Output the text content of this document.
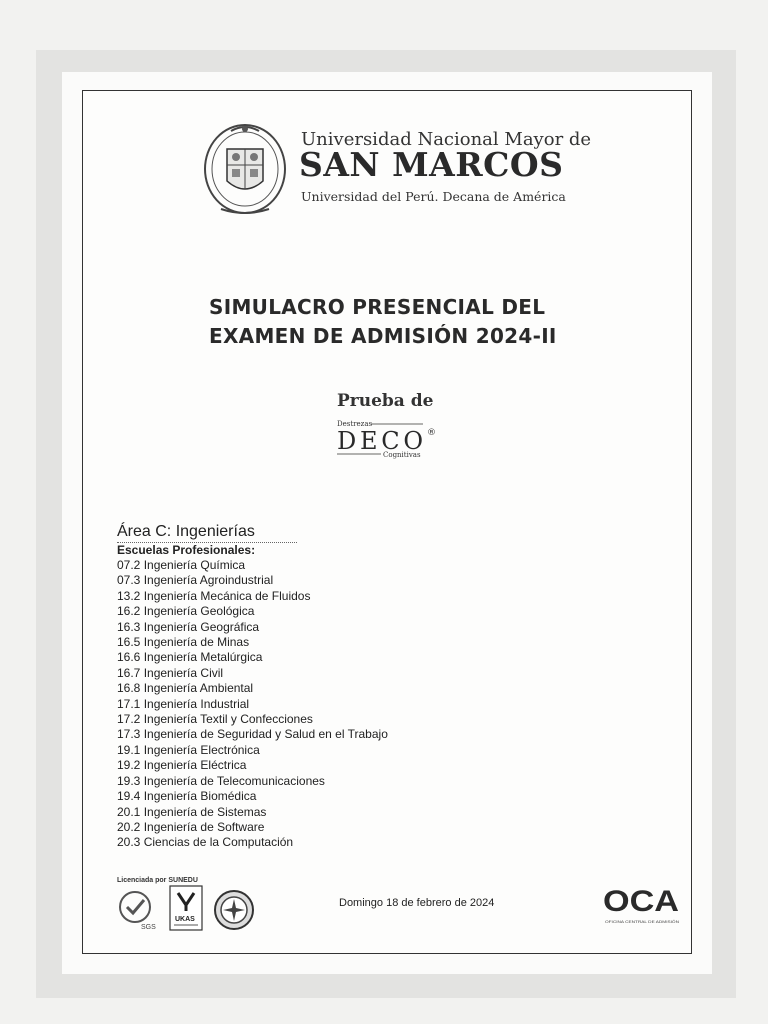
Universidad Nacional Mayor de
SAN MARCOS
Universidad del Perú. Decana de América
SIMULACRO PRESENCIAL DEL
EXAMEN DE ADMISIÓN 2024-II
Prueba de
Destrezas
DECO ®
Cognitivas
Área C: Ingenierías
Escuelas Profesionales:
07.2 Ingeniería Química
07.3 Ingeniería Agroindustrial
13.2 Ingeniería Mecánica de Fluidos
16.2 Ingeniería Geológica
16.3 Ingeniería Geográfica
16.5 Ingeniería de Minas
16.6 Ingeniería Metalúrgica
16.7 Ingeniería Civil
16.8 Ingeniería Ambiental
17.1 Ingeniería Industrial
17.2 Ingeniería Textil y Confecciones
17.3 Ingeniería de Seguridad y Salud en el Trabajo
19.1 Ingeniería Electrónica
19.2 Ingeniería Eléctrica
19.3 Ingeniería de Telecomunicaciones
19.4 Ingeniería Biomédica
20.1 Ingeniería de Sistemas
20.2 Ingeniería de Software
20.3 Ciencias de la Computación
Licenciada por SUNEDU
SGS
UKAS
Domingo 18 de febrero de 2024	OCA
OFICINA CENTRAL DE ADMISIÓN
